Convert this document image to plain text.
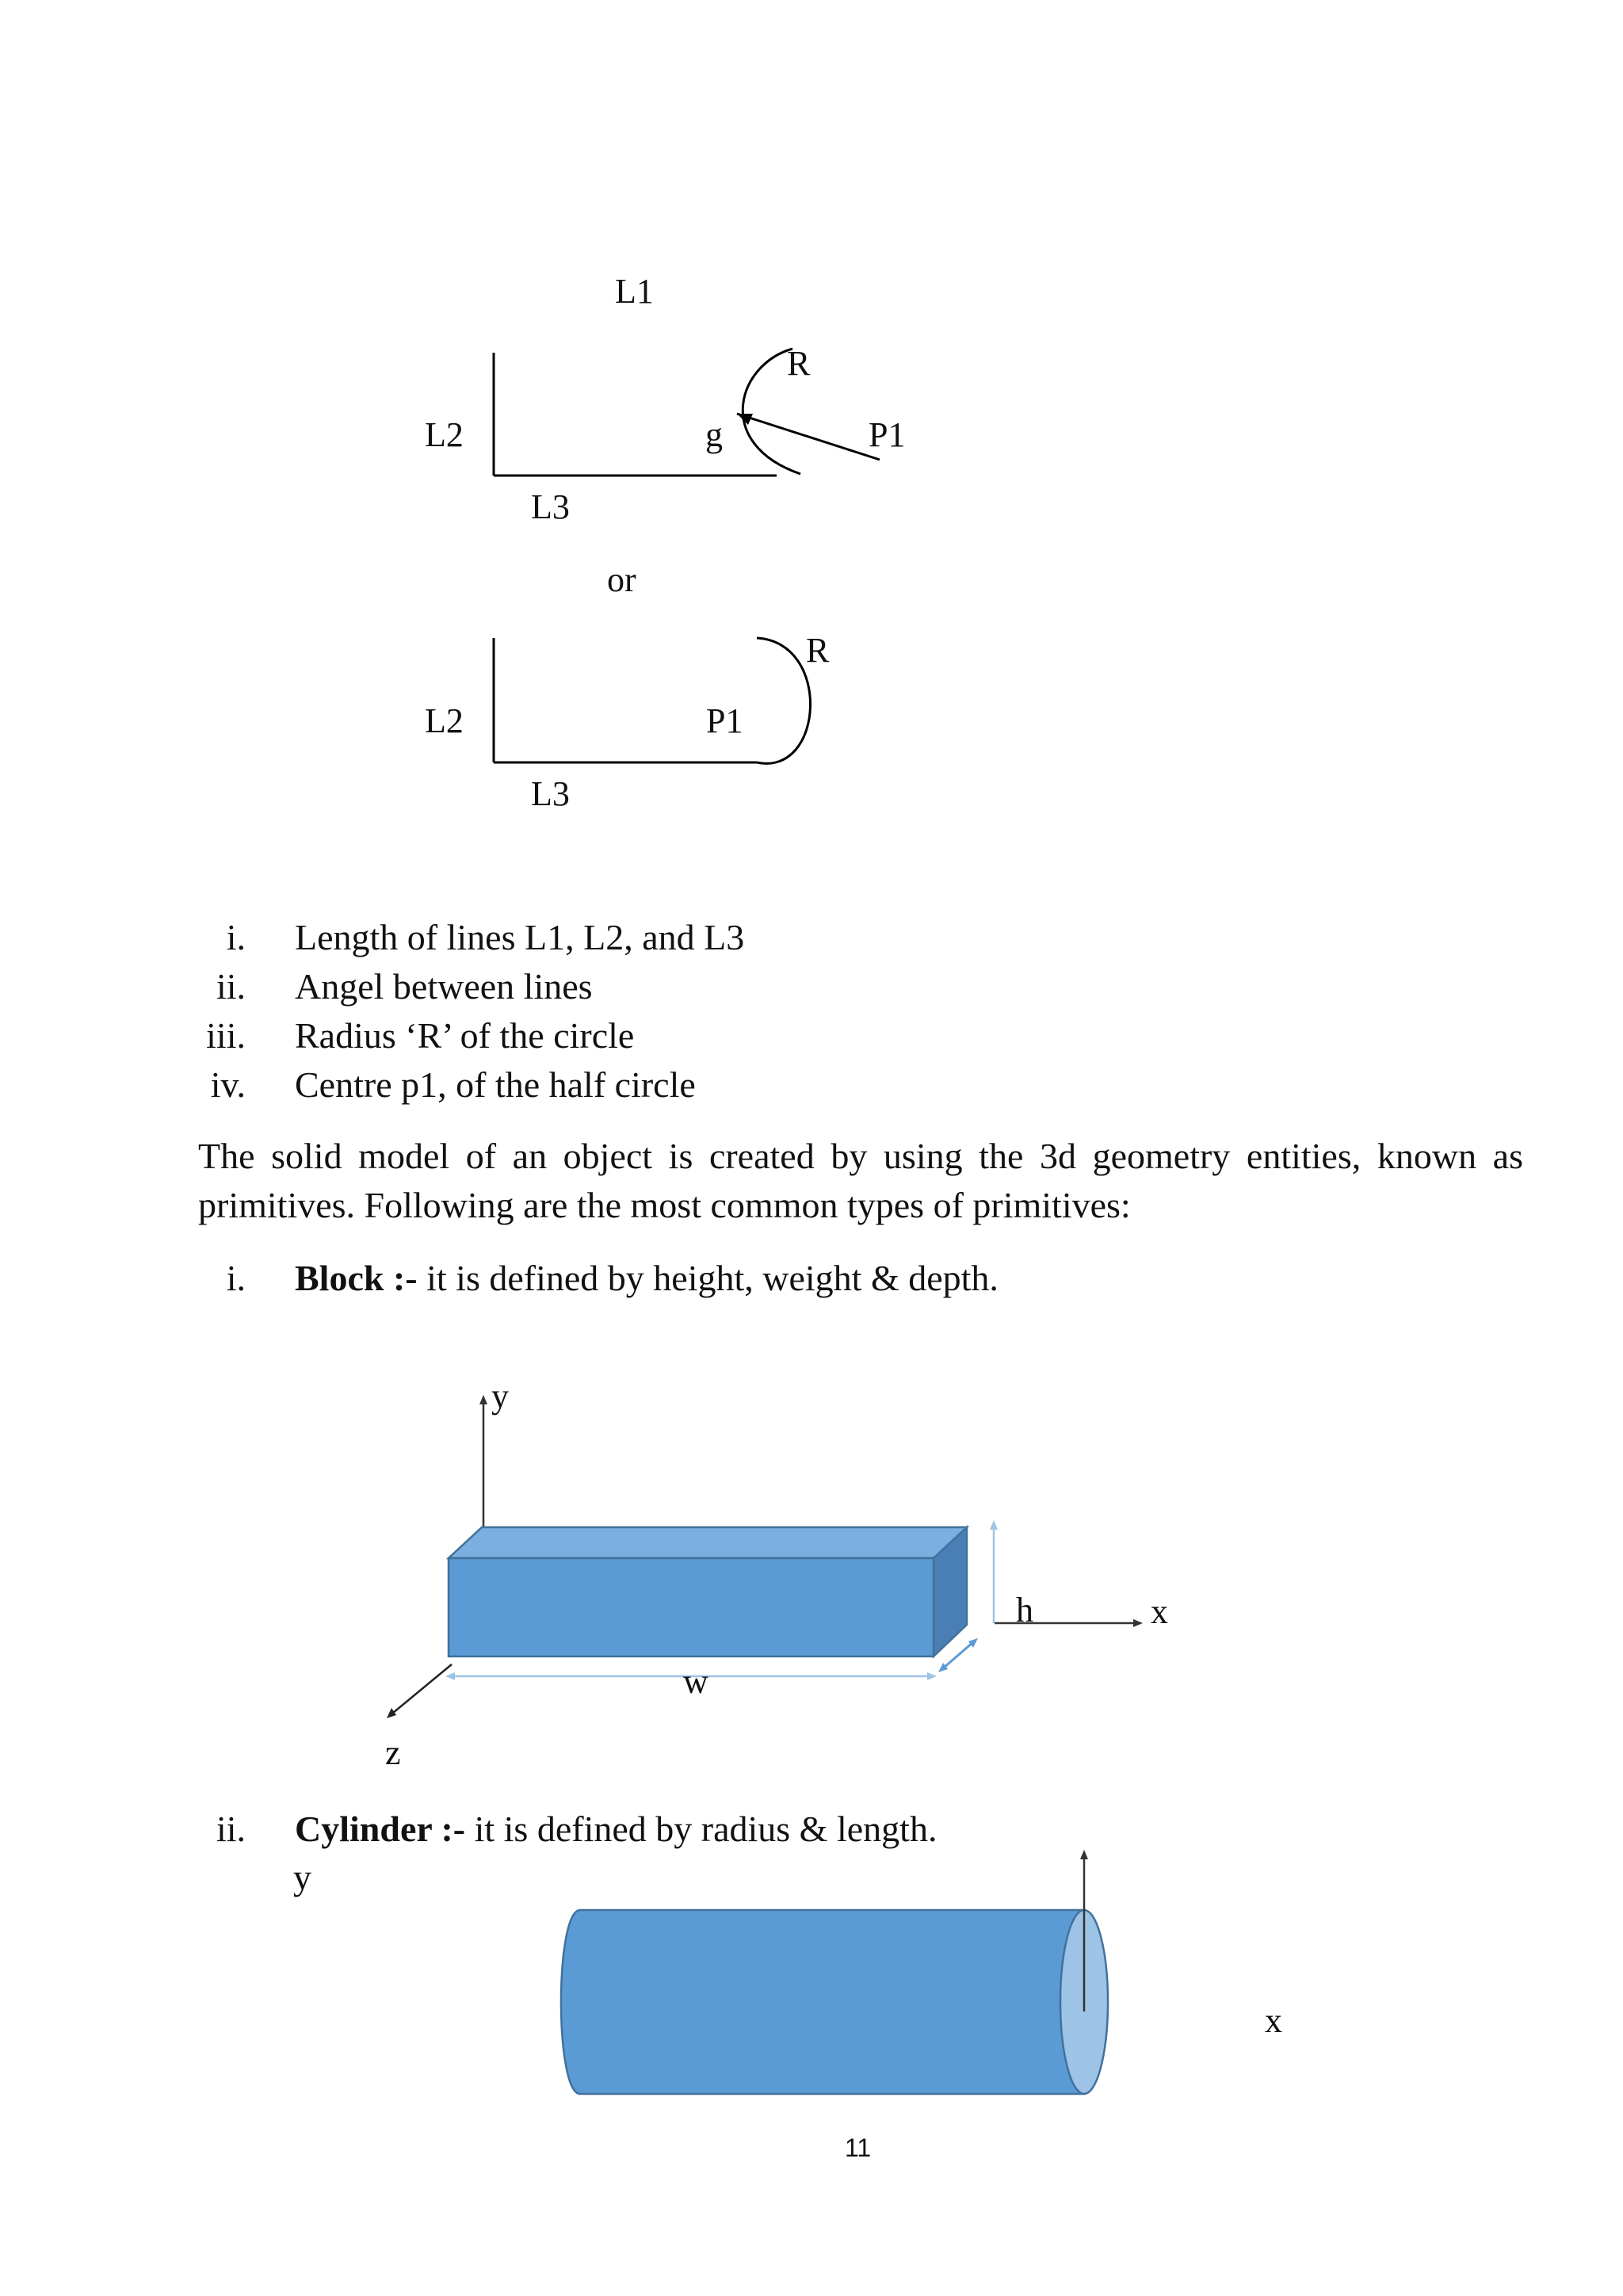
L1
L2
L3
R
g	P1
or
L2
L3
R
P1
i. Length of lines L1, L2, and L3
ii. Angel between lines
iii. Radius ‘R’ of the circle
iv. Centre p1, of the half circle
The solid model of an object is created by using the 3d geometry entities, known as
primitives. Following are the most common types of primitives:
i. Block :- it is defined by height, weight & depth.
y
x
z
h
w
ii. Cylinder :- it is defined by radius & length.
y
x
11
